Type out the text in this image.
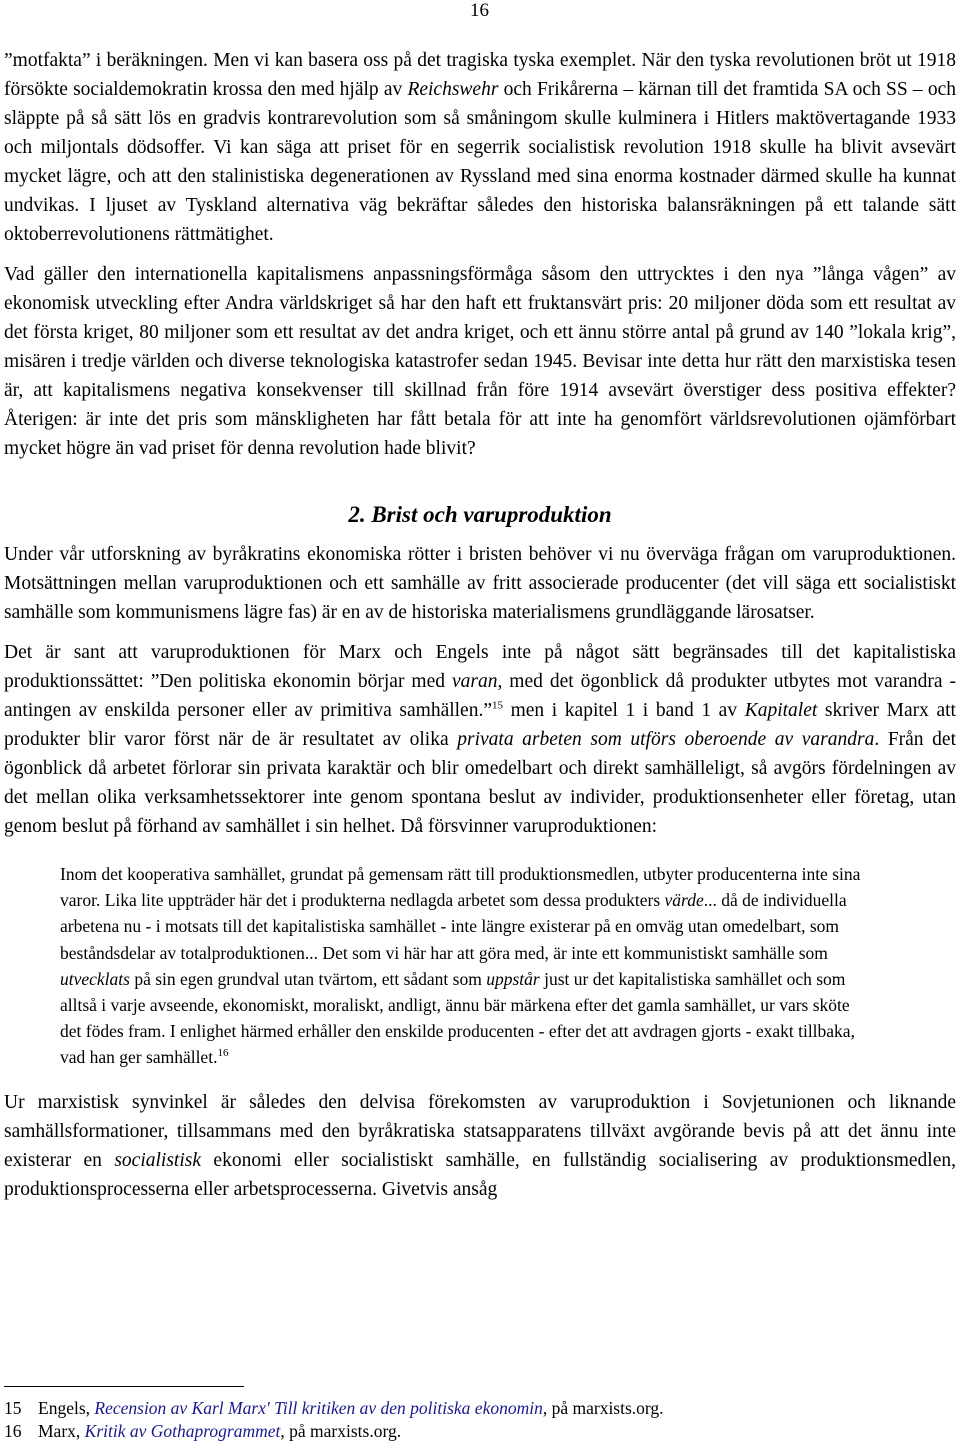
16

”motfakta” i beräkningen. Men vi kan basera oss på det tragiska tyska exemplet. När den tyska revolutionen bröt ut 1918 försökte socialdemokratin krossa den med hjälp av Reichswehr och Frikårerna – kärnan till det framtida SA och SS – och släppte på så sätt lös en gradvis kontrarevolution som så småningom skulle kulminera i Hitlers maktövertagande 1933 och miljontals dödsoffer. Vi kan säga att priset för en segerrik socialistisk revolution 1918 skulle ha blivit avsevärt mycket lägre, och att den stalinistiska degenerationen av Ryssland med sina enorma kostnader därmed skulle ha kunnat undvikas. I ljuset av Tyskland alternativa väg bekräftar således den historiska balansräkningen på ett talande sätt oktoberrevolutionens rättmätighet.

Vad gäller den internationella kapitalismens anpassningsförmåga såsom den uttrycktes i den nya ”långa vågen” av ekonomisk utveckling efter Andra världskriget så har den haft ett fruktansvärt pris: 20 miljoner döda som ett resultat av det första kriget, 80 miljoner som ett resultat av det andra kriget, och ett ännu större antal på grund av 140 ”lokala krig”, misären i tredje världen och diverse teknologiska katastrofer sedan 1945. Bevisar inte detta hur rätt den marxistiska tesen är, att kapitalismens negativa konsekvenser till skillnad från före 1914 avsevärt överstiger dess positiva effekter? Återigen: är inte det pris som mänskligheten har fått betala för att inte ha genomfört världsrevolutionen ojämförbart mycket högre än vad priset för denna revolution hade blivit?

2. Brist och varuproduktion

Under vår utforskning av byråkratins ekonomiska rötter i bristen behöver vi nu överväga frågan om varuproduktionen. Motsättningen mellan varuproduktionen och ett samhälle av fritt associerade producenter (det vill säga ett socialistiskt samhälle som kommunismens lägre fas) är en av de historiska materialismens grundläggande lärosatser.

Det är sant att varuproduktionen för Marx och Engels inte på något sätt begränsades till det kapitalistiska produktionssättet: ”Den politiska ekonomin börjar med varan, med det ögonblick då produkter utbytes mot varandra - antingen av enskilda personer eller av primitiva samhällen.”$^{15}$ men i kapitel 1 i band 1 av Kapitalet skriver Marx att produkter blir varor först när de är resultatet av olika privata arbeten som utförs oberoende av varandra. Från det ögonblick då arbetet förlorar sin privata karaktär och blir omedelbart och direkt samhälleligt, så avgörs fördelningen av det mellan olika verksamhetssektorer inte genom spontana beslut av individer, produktionsenheter eller företag, utan genom beslut på förhand av samhället i sin helhet. Då försvinner varuproduktionen:

Inom det kooperativa samhället, grundat på gemensam rätt till produktionsmedlen, utbyter producenterna inte sina varor. Lika lite uppträder här det i produkterna nedlagda arbetet som dessa produkters värde... då de individuella arbetena nu - i motsats till det kapitalistiska samhället - inte längre existerar på en omväg utan omedelbart, som beståndsdelar av totalproduktionen... Det som vi här har att göra med, är inte ett kommunistiskt samhälle som utvecklats på sin egen grundval utan tvärtom, ett sådant som uppstår just ur det kapitalistiska samhället och som alltså i varje avseende, ekonomiskt, moraliskt, andligt, ännu bär märkena efter det gamla samhället, ur vars sköte det födes fram. I enlighet härmed erhåller den enskilde producenten - efter det att avdragen gjorts - exakt tillbaka, vad han ger samhället.$^{16}$

Ur marxistisk synvinkel är således den delvisa förekomsten av varuproduktion i Sovjetunionen och liknande samhällsformationer, tillsammans med den byråkratiska statsapparatens tillväxt avgörande bevis på att det ännu inte existerar en socialistisk ekonomi eller socialistiskt samhälle, en fullständig socialisering av produktionsmedlen, produktionsprocesserna eller arbetsprocesserna. Givetvis ansåg

15 Engels, Recension av Karl Marx' Till kritiken av den politiska ekonomin, på marxists.org.
16 Marx, Kritik av Gothaprogrammet, på marxists.org.
